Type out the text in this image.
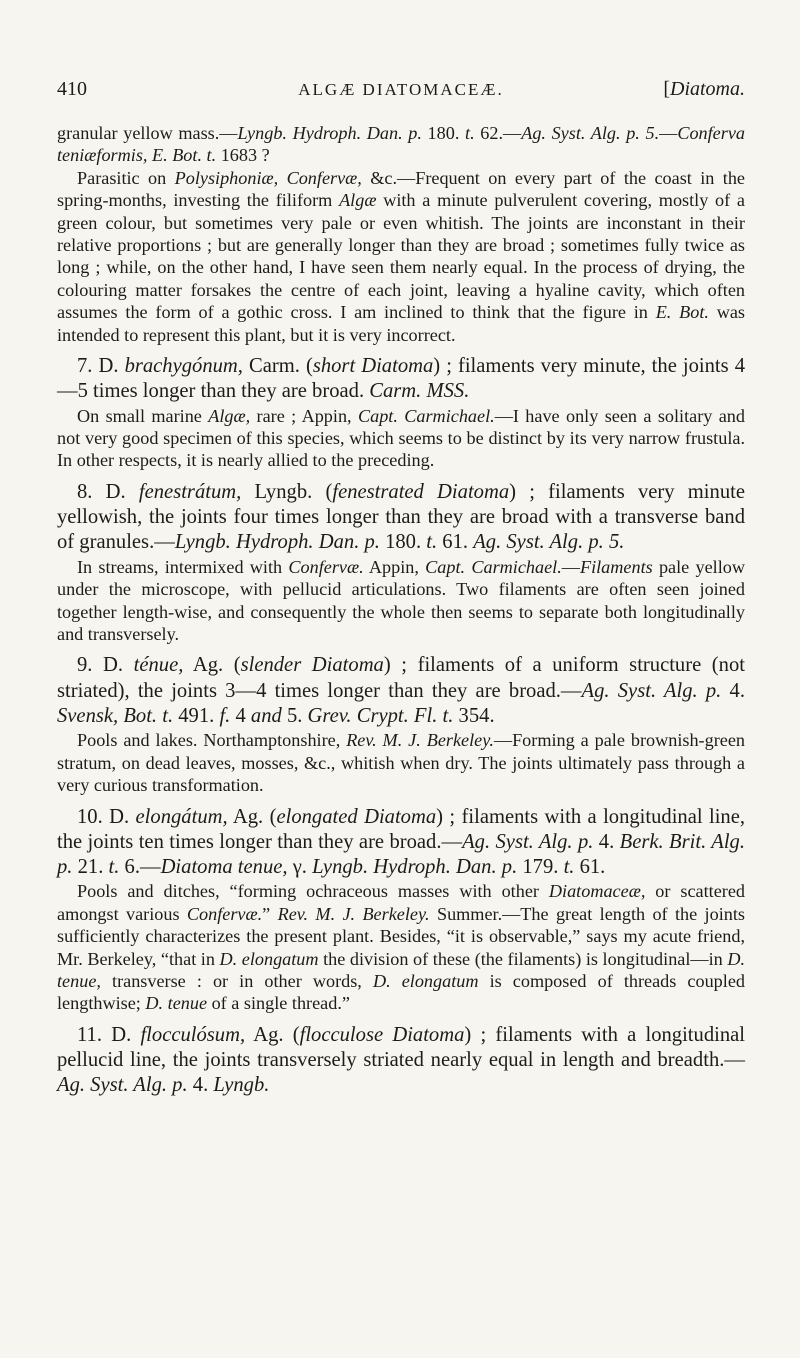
410	ALGÆ DIATOMACEÆ.	[Diatoma.

granular yellow mass.—Lyngb. Hydroph. Dan. p. 180. t. 62.—Ag. Syst. Alg. p. 5.—Conferva teniæformis, E. Bot. t. 1683 ?

Parasitic on Polysiphoniæ, Confervæ, &c.—Frequent on every part of the coast in the spring-months, investing the filiform Algæ with a minute pulverulent covering, mostly of a green colour, but sometimes very pale or even whitish. The joints are inconstant in their relative proportions ; but are generally longer than they are broad ; sometimes fully twice as long ; while, on the other hand, I have seen them nearly equal. In the process of drying, the colouring matter forsakes the centre of each joint, leaving a hyaline cavity, which often assumes the form of a gothic cross. I am inclined to think that the figure in E. Bot. was intended to represent this plant, but it is very incorrect.

7. D. brachygónum, Carm. (short Diatoma) ; filaments very minute, the joints 4—5 times longer than they are broad. Carm. MSS.

On small marine Algæ, rare ; Appin, Capt. Carmichael.—I have only seen a solitary and not very good specimen of this species, which seems to be distinct by its very narrow frustula. In other respects, it is nearly allied to the preceding.

8. D. fenestrátum, Lyngb. (fenestrated Diatoma) ; filaments very minute yellowish, the joints four times longer than they are broad with a transverse band of granules.—Lyngb. Hydroph. Dan. p. 180. t. 61. Ag. Syst. Alg. p. 5.

In streams, intermixed with Confervæ. Appin, Capt. Carmichael.—Filaments pale yellow under the microscope, with pellucid articulations. Two filaments are often seen joined together length-wise, and consequently the whole then seems to separate both longitudinally and transversely.

9. D. ténue, Ag. (slender Diatoma) ; filaments of a uniform structure (not striated), the joints 3—4 times longer than they are broad.—Ag. Syst. Alg. p. 4. Svensk, Bot. t. 491. f. 4 and 5. Grev. Crypt. Fl. t. 354.

Pools and lakes. Northamptonshire, Rev. M. J. Berkeley.—Forming a pale brownish-green stratum, on dead leaves, mosses, &c., whitish when dry. The joints ultimately pass through a very curious transformation.

10. D. elongátum, Ag. (elongated Diatoma) ; filaments with a longitudinal line, the joints ten times longer than they are broad.—Ag. Syst. Alg. p. 4. Berk. Brit. Alg. p. 21. t. 6.—Diatoma tenue, γ. Lyngb. Hydroph. Dan. p. 179. t. 61.

Pools and ditches, “forming ochraceous masses with other Diatomaceæ, or scattered amongst various Confervæ.” Rev. M. J. Berkeley. Summer.—The great length of the joints sufficiently characterizes the present plant. Besides, “it is observable,” says my acute friend, Mr. Berkeley, “that in D. elongatum the division of these (the filaments) is longitudinal—in D. tenue, transverse : or in other words, D. elongatum is composed of threads coupled lengthwise; D. tenue of a single thread.”

11. D. flocculósum, Ag. (flocculose Diatoma) ; filaments with a longitudinal pellucid line, the joints transversely striated nearly equal in length and breadth.—Ag. Syst. Alg. p. 4. Lyngb.
